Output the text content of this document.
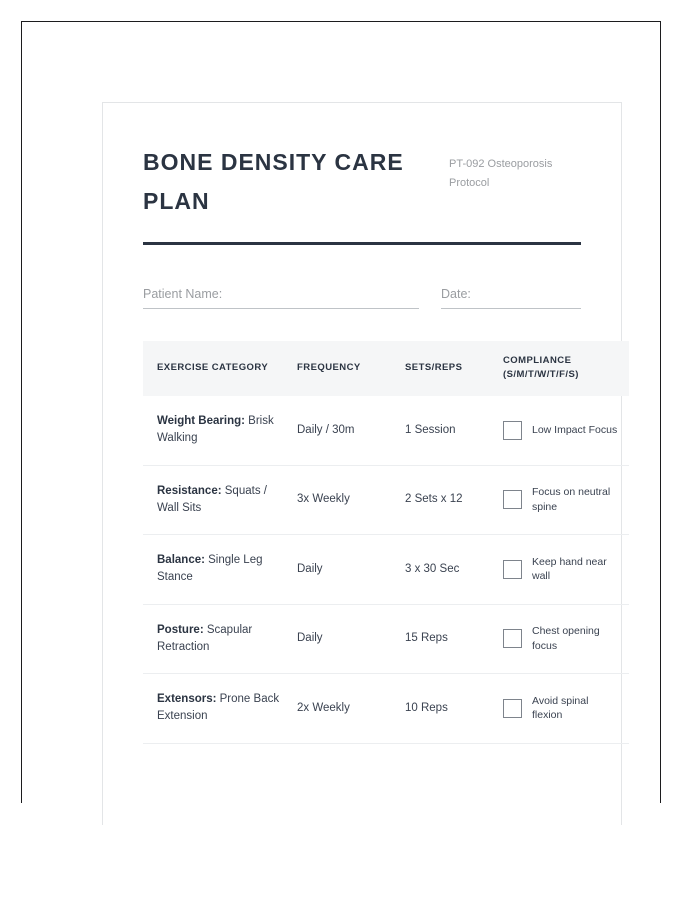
BONE DENSITY CARE PLAN
PT-092 Osteoporosis Protocol
Patient Name:	Date:
EXERCISE CATEGORY	FREQUENCY	SETS/REPS	COMPLIANCE (S/M/T/W/T/F/S)
Weight Bearing: Brisk Walking	Daily / 30m	1 Session	Low Impact Focus

Resistance: Squats / Wall Sits	3x Weekly	2 Sets x 12	Focus on neutral spine

Balance: Single Leg Stance	Daily	3 x 30 Sec	Keep hand near wall

Posture: Scapular Retraction	Daily	15 Reps	Chest opening focus

Extensors: Prone Back Extension	2x Weekly	10 Reps	Avoid spinal flexion
